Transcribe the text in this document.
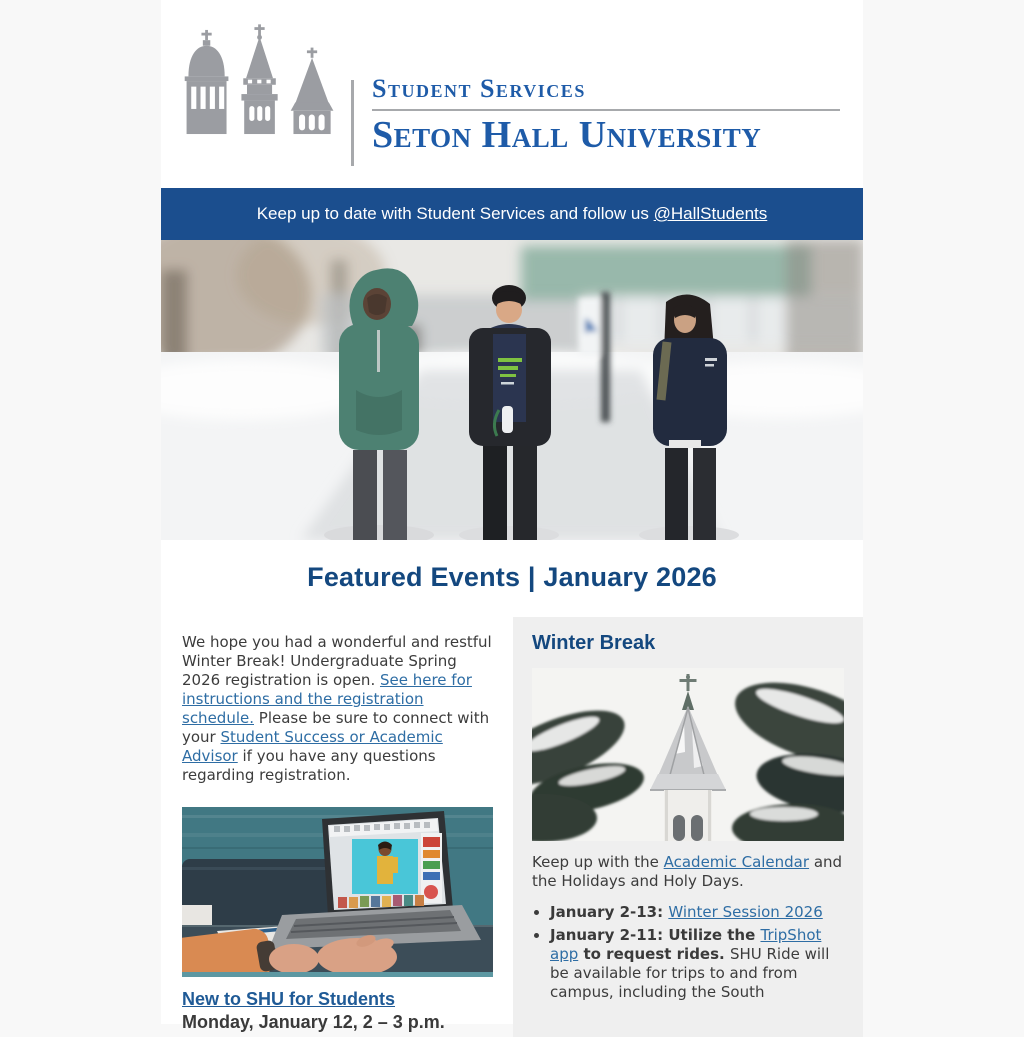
Student Services
Seton Hall University
Keep up to date with Student Services and follow us @HallStudents
Featured Events | January 2026

We hope you had a wonderful and restful Winter Break! Undergraduate Spring 2026 registration is open. See here for instructions and the registration schedule. Please be sure to connect with your Student Success or Academic Advisor if you have any questions regarding registration.

New to SHU for Students
Monday, January 12, 2 – 3 p.m.
Winter Break

Keep up with the Academic Calendar and the Holidays and Holy Days.

• January 2-13: Winter Session 2026
• January 2-11: Utilize the TripShot app to request rides. SHU Ride will be available for trips to and from campus, including the South
